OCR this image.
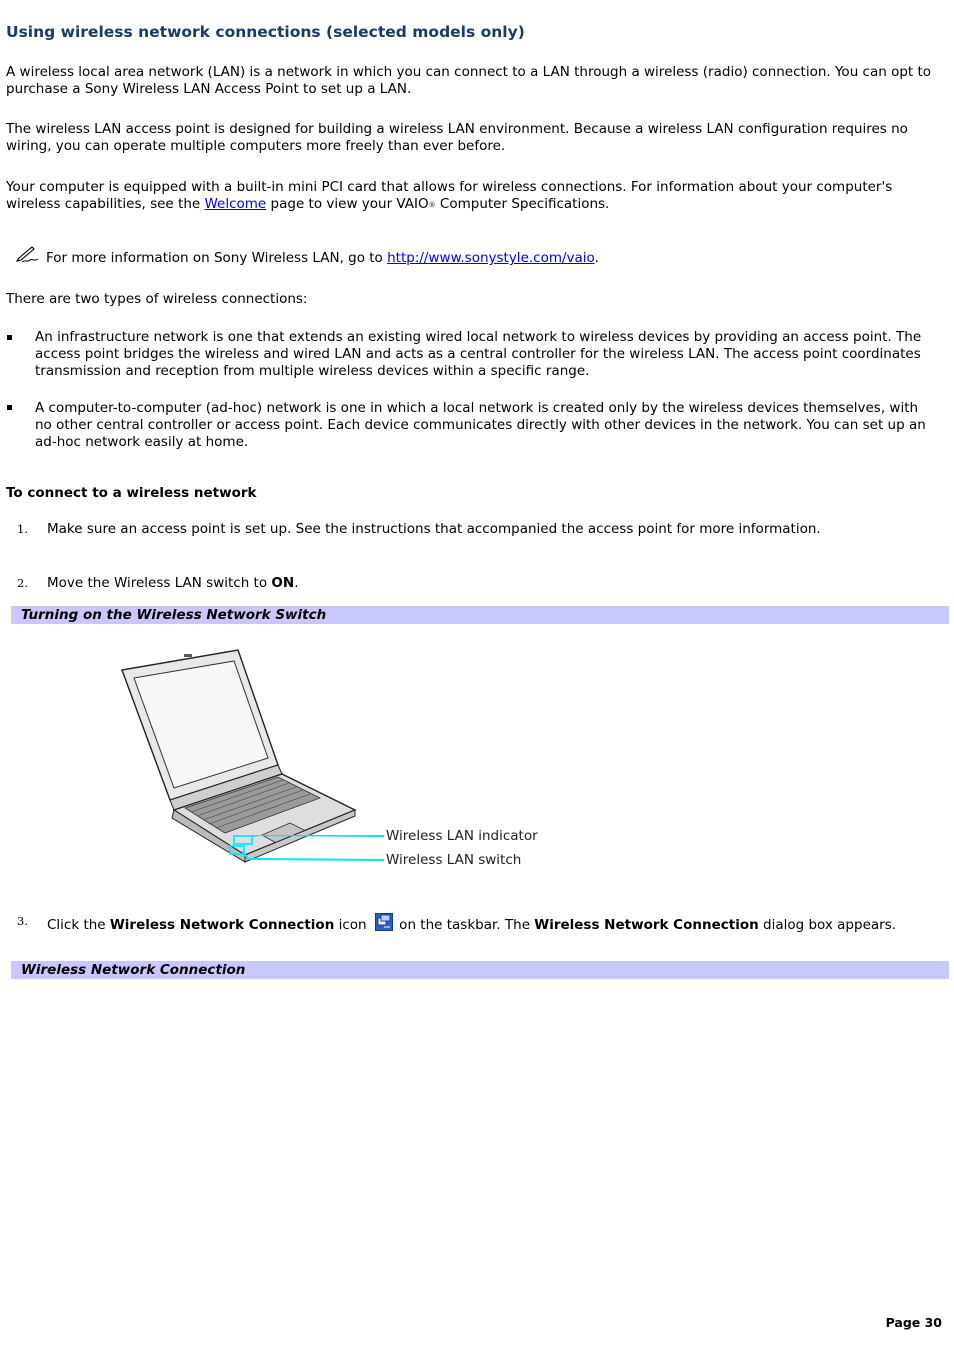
Using wireless network connections (selected models only)

A wireless local area network (LAN) is a network in which you can connect to a LAN through a wireless (radio) connection. You can opt to purchase a Sony Wireless LAN Access Point to set up a LAN.

The wireless LAN access point is designed for building a wireless LAN environment. Because a wireless LAN configuration requires no wiring, you can operate multiple computers more freely than ever before.

Your computer is equipped with a built-in mini PCI card that allows for wireless connections. For information about your computer's wireless capabilities, see the Welcome page to view your VAIO® Computer Specifications.

For more information on Sony Wireless LAN, go to http://www.sonystyle.com/vaio.

There are two types of wireless connections:

An infrastructure network is one that extends an existing wired local network to wireless devices by providing an access point. The access point bridges the wireless and wired LAN and acts as a central controller for the wireless LAN. The access point coordinates transmission and reception from multiple wireless devices within a specific range.

A computer-to-computer (ad-hoc) network is one in which a local network is created only by the wireless devices themselves, with no other central controller or access point. Each device communicates directly with other devices in the network. You can set up an ad-hoc network easily at home.

To connect to a wireless network
1. Make sure an access point is set up. See the instructions that accompanied the access point for more information.

2. Move the Wireless LAN switch to ON.

Turning on the Wireless Network Switch
Wireless LAN indicator
Wireless LAN switch
3. Click the Wireless Network Connection icon  on the taskbar. The Wireless Network Connection dialog box appears.

Wireless Network Connection
Page 30
